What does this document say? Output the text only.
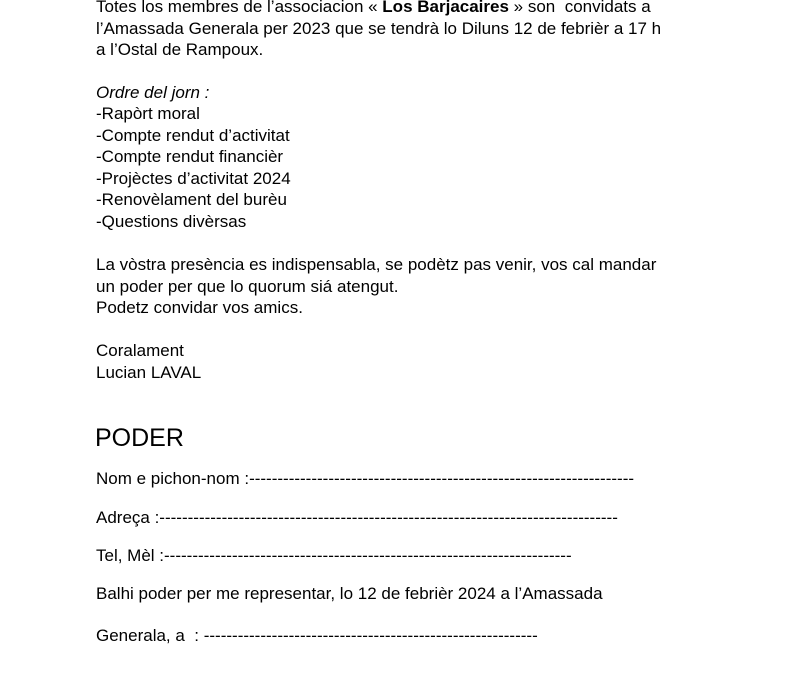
Totes los membres de l’associacion « Los Barjacaires » son  convidats a
l’Amassada Generala per 2023 que se tendrà lo Diluns 12 de febrièr a 17 h
a l’Ostal de Rampoux.
Ordre del jorn :
-Rapòrt moral
-Compte rendut d’activitat
-Compte rendut financièr
-Projèctes d’activitat 2024
-Renovèlament del burèu
-Questions divèrsas
La vòstra presència es indispensabla, se podètz pas venir, vos cal mandar
un poder per que lo quorum siá atengut.
Podetz convidar vos amics.
Coralament
Lucian LAVAL
PODER
Nom e pichon-nom :--------------------------------------------------------------------
Adreça :---------------------------------------------------------------------------------
Tel, Mèl :------------------------------------------------------------------------
Balhi poder per me representar, lo 12 de febrièr 2024 a l’Amassada
Generala, a  : -----------------------------------------------------------
